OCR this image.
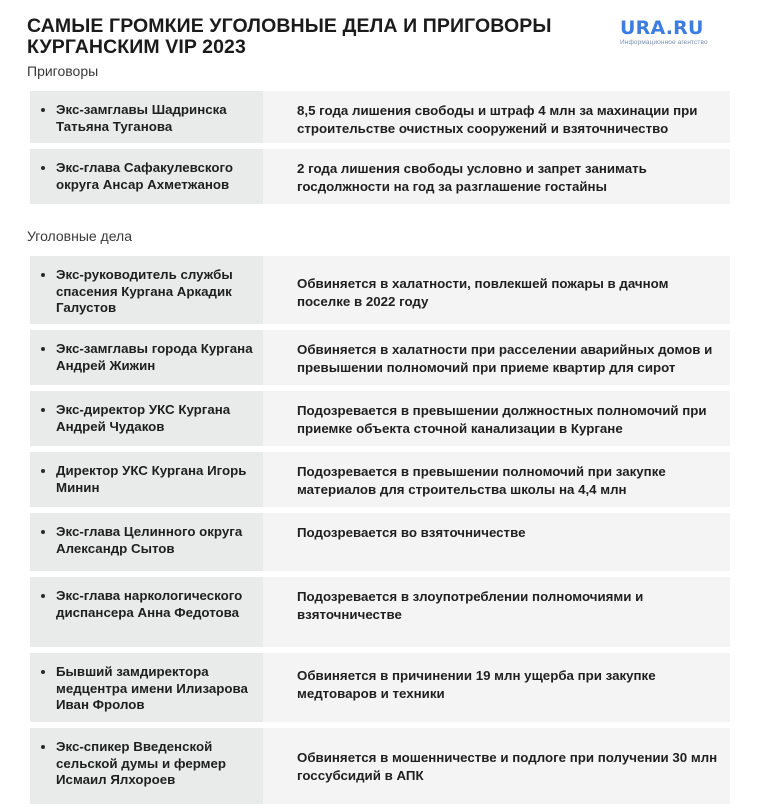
САМЫЕ ГРОМКИЕ УГОЛОВНЫЕ ДЕЛА И ПРИГОВОРЫ
КУРГАНСКИМ VIP 2023
URA.RU
Информационное агентство
Приговоры
Экс-замглавы Шадринска Татьяна Туганова
8,5 года лишения свободы и штраф 4 млн за махинации при строительстве очистных сооружений и взяточничество
Экс-глава Сафакулевского округа Ансар Ахметжанов
2 года лишения свободы условно и запрет занимать госдолжности на год за разглашение гостайны
Уголовные дела
Экс-руководитель службы спасения Кургана Аркадик Галустов
Обвиняется в халатности, повлекшей пожары в дачном поселке в 2022 году
Экс-замглавы города Кургана Андрей Жижин
Обвиняется в халатности при расселении аварийных домов и превышении полномочий при приеме квартир для сирот
Экс-директор УКС Кургана Андрей Чудаков
Подозревается в превышении должностных полномочий при приемке объекта сточной канализации в Кургане
Директор УКС Кургана Игорь Минин
Подозревается в превышении полномочий при закупке материалов для строительства школы на 4,4 млн
Экс-глава Целинного округа Александр Сытов
Подозревается во взяточничестве
Экс-глава наркологического диспансера Анна Федотова
Подозревается в злоупотреблении полномочиями и взяточничестве
Бывший замдиректора медцентра имени Илизарова Иван Фролов
Обвиняется в причинении 19 млн ущерба при закупке медтоваров и техники
Экс-спикер Введенской сельской думы и фермер Исмаил Ялхороев
Обвиняется в мошенничестве и подлоге при получении 30 млн госсубсидий в АПК
